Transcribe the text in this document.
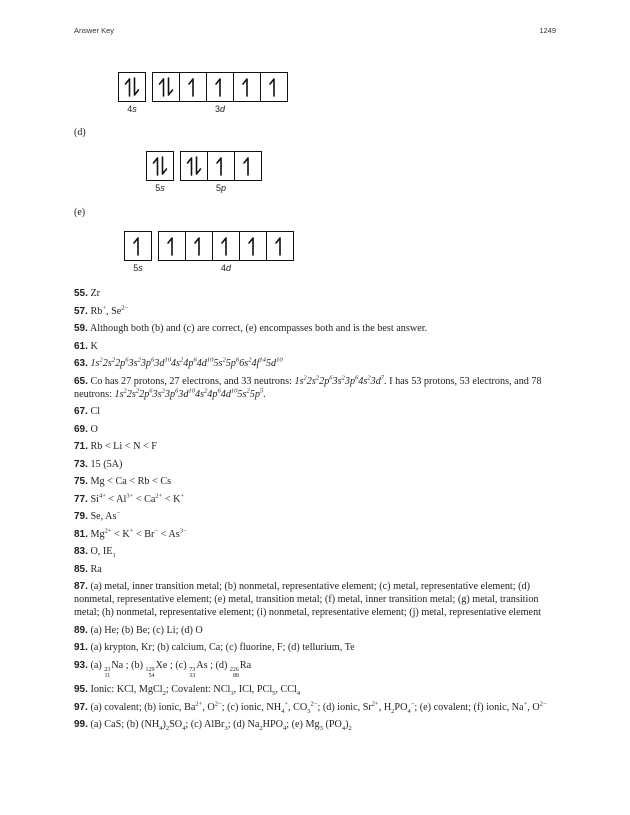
Answer Key	1249
4s	3d
(d)
5s	5p
(e)
5s	4d
55. Zr
57. Rb+, $Se^{2-}$
59. Although both (b) and (c) are correct, (e) encompasses both and is the best answer.
61. K
63. $1s^22s^22p^63s^23p^63d^{10}4s^24p^64d^{10}5s^25p^66s^24f^{14}5d^{10}$
65. Co has 27 protons, 27 electrons, and 33 neutrons: $1s^22s^22p^63s^23p^64s^23d^7$. I has 53 protons, 53 electrons, and 78 neutrons: $1s^22s^22p^63s^23p^63d^{10}4s^24p^64d^{10}5s^25p^5$.
67. Cl
69. O
71. Rb < Li < N < F
73. 15 (5A)
75. Mg < Ca < Rb < Cs
77. $Si^{4+} < Al^{3+} < Ca^{2+} < K^+$
79. Se, As−
81. $Mg^{2+} < K^+ < Br^- < As^{3-}$
83. O, $IE_1$
85. Ra
87. (a) metal, inner transition metal; (b) nonmetal, representative element; (c) metal, representative element; (d) nonmetal, representative element; (e) metal, transition metal; (f) metal, inner transition metal; (g) metal, transition metal; (h) nonmetal, representative element; (i) nonmetal, representative element; (j) metal, representative element
89. (a) He; (b) Be; (c) Li; (d) O
91. (a) krypton, Kr; (b) calcium, Ca; (c) fluorine, F; (d) tellurium, Te
93. (a) 23
11
Na ; (b) 129
54
Xe ; (c) 73
33
As ; (d) 226
88
Ra
95. Ionic: KCl, MgCl$_2$; Covalent: NCl$_3$, ICl, PCl$_5$, CCl$_4$
97. (a) covalent; (b) ionic, $Ba^{2+}$, $O^{2-}$; (c) ionic, $NH_4^+$, $CO_3^{2-}$; (d) ionic, $Sr^{2+}$, $H_2PO_4^-$; (e) covalent; (f) ionic, Na+, $O^{2-}$
99. (a) CaS; (b) $(NH_4)_2SO_4$; (c) AlBr$_3$; (d) $Na_2HPO_4$; (e) $Mg_3$ $(PO_4)_2$
